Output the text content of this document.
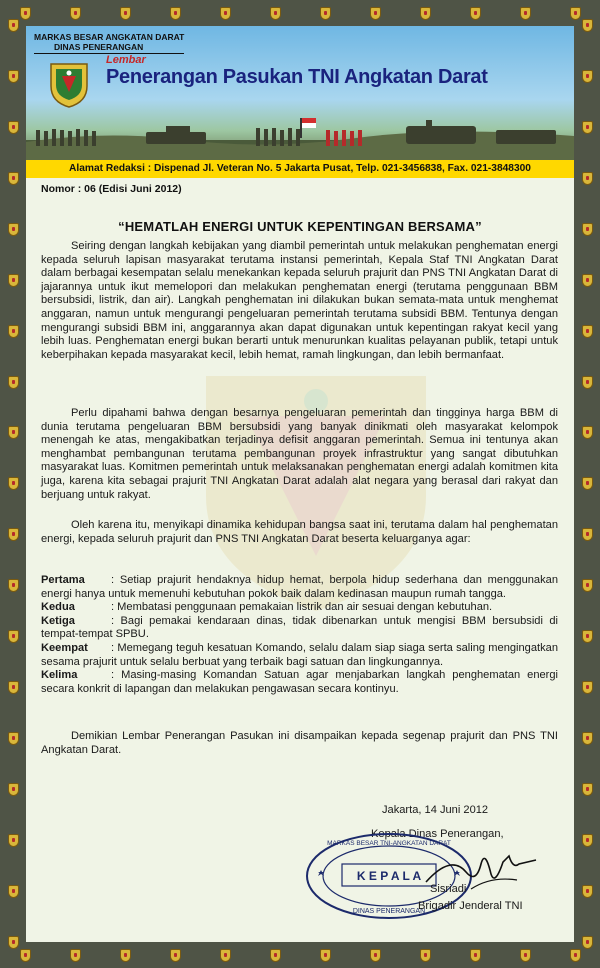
MARKAS BESAR ANGKATAN DARAT
DINAS PENERANGAN
Lembar
Penerangan Pasukan TNI Angkatan Darat
Alamat Redaksi : Dispenad Jl. Veteran No. 5 Jakarta Pusat, Telp. 021-3456838, Fax. 021-3848300
Nomor : 06 (Edisi Juni 2012)
“HEMATLAH ENERGI UNTUK KEPENTINGAN BERSAMA”
Seiring dengan langkah kebijakan yang diambil pemerintah untuk melakukan penghematan energi kepada seluruh lapisan masyarakat terutama instansi pemerintah, Kepala Staf TNI Angkatan Darat dalam berbagai kesempatan selalu menekankan kepada seluruh prajurit dan PNS TNI Angkatan Darat di jajarannya untuk ikut memelopori dan melakukan penghematan energi (terutama penggunaan BBM bersubsidi, listrik, dan air). Langkah penghematan ini dilakukan bukan semata-mata untuk menghemat anggaran, namun untuk mengurangi pengeluaran pemerintah terutama subsidi BBM. Tentunya dengan mengurangi subsidi BBM ini, anggarannya akan dapat digunakan untuk kepentingan rakyat kecil yang lebih luas. Penghematan energi bukan berarti untuk menurunkan kualitas pelayanan publik, tetapi untuk keberpihakan kepada masyarakat kecil, lebih hemat, ramah lingkungan, dan lebih bermanfaat.
Perlu dipahami bahwa dengan besarnya pengeluaran pemerintah dan tingginya harga BBM di dunia terutama pengeluaran BBM bersubsidi yang banyak dinikmati oleh masyarakat kelompok menengah ke atas, mengakibatkan terjadinya defisit anggaran pemerintah. Semua ini tentunya akan menghambat pembangunan terutama pembangunan proyek infrastruktur yang sangat dibutuhkan masyarakat luas. Komitmen pemerintah untuk melaksanakan penghematan energi adalah komitmen kita juga, karena kita sebagai prajurit TNI Angkatan Darat adalah alat negara yang berasal dari rakyat dan berjuang untuk rakyat.
Oleh karena itu, menyikapi dinamika kehidupan bangsa saat ini, terutama dalam hal penghematan energi, kepada seluruh prajurit dan PNS TNI Angkatan Darat beserta keluarganya agar:

Pertama : Setiap prajurit hendaknya hidup hemat, berpola hidup sederhana dan menggunakan energi hanya untuk memenuhi kebutuhan pokok baik dalam kedinasan maupun rumah tangga.

Kedua	: Membatasi penggunaan pemakaian listrik dan air sesuai dengan kebutuhan.

Ketiga	: Bagi pemakai kendaraan dinas, tidak dibenarkan untuk mengisi BBM bersubsidi di tempat-tempat SPBU.

Keempat : Memegang teguh kesatuan Komando, selalu dalam siap siaga serta saling mengingatkan sesama prajurit untuk selalu berbuat yang terbaik bagi satuan dan lingkungannya.

Kelima	: Masing-masing Komandan Satuan agar menjabarkan langkah penghematan energi secara konkrit di lapangan dan melakukan pengawasan secara kontinyu.

Demikian Lembar Penerangan Pasukan ini disampaikan kepada segenap prajurit dan PNS TNI Angkatan Darat.
Jakarta, 14 Juni 2012
Kepala Dinas Penerangan,
K E P A L A
MARKAS BESAR TNI-ANGKATAN DARAT
DINAS PENERANGAN
Sisriadi
Brigadir Jenderal TNI
